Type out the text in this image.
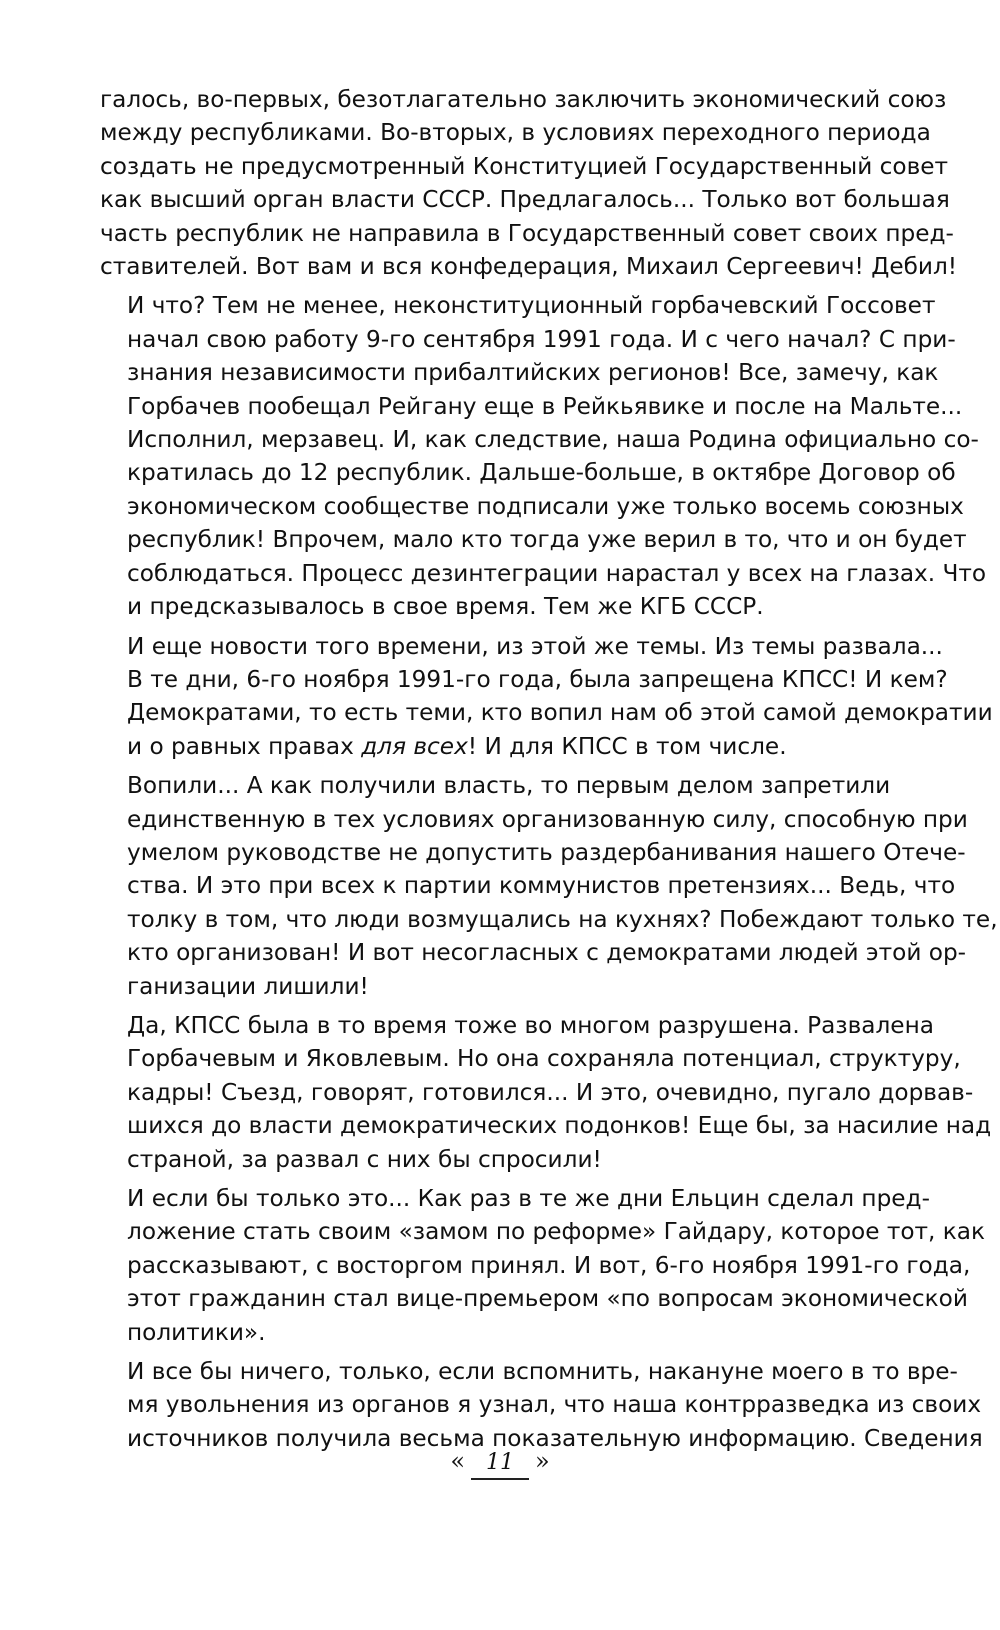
галось, во-первых, безотлагательно заключить экономический союз
между республиками. Во-вторых, в условиях переходного периода
создать не предусмотренный Конституцией Государственный совет
как высший орган власти СССР. Предлагалось... Только вот большая
часть республик не направила в Государственный совет своих пред-
ставителей. Вот вам и вся конфедерация, Михаил Сергеевич! Дебил!
И что? Тем не менее, неконституционный горбачевский Госсовет
начал свою работу 9-го сентября 1991 года. И с чего начал? С при-
знания независимости прибалтийских регионов! Все, замечу, как
Горбачев пообещал Рейгану еще в Рейкьявике и после на Мальте...
Исполнил, мерзавец. И, как следствие, наша Родина официально со-
кратилась до 12 республик. Дальше-больше, в октябре Договор об
экономическом сообществе подписали уже только восемь союзных
республик! Впрочем, мало кто тогда уже верил в то, что и он будет
соблюдаться. Процесс дезинтеграции нарастал у всех на глазах. Что
и предсказывалось в свое время. Тем же КГБ СССР.
И еще новости того времени, из этой же темы. Из темы развала...
В те дни, 6-го ноября 1991-го года, была запрещена КПСС! И кем?
Демократами, то есть теми, кто вопил нам об этой самой демократии
и о равных правах для всех! И для КПСС в том числе.
Вопили... А как получили власть, то первым делом запретили
единственную в тех условиях организованную силу, способную при
умелом руководстве не допустить раздербанивания нашего Отече-
ства. И это при всех к партии коммунистов претензиях... Ведь, что
толку в том, что люди возмущались на кухнях? Побеждают только те,
кто организован! И вот несогласных с демократами людей этой ор-
ганизации лишили!
Да, КПСС была в то время тоже во многом разрушена. Развалена
Горбачевым и Яковлевым. Но она сохраняла потенциал, структуру,
кадры! Съезд, говорят, готовился... И это, очевидно, пугало дорвав-
шихся до власти демократических подонков! Еще бы, за насилие над
страной, за развал с них бы спросили!
И если бы только это... Как раз в те же дни Ельцин сделал пред-
ложение стать своим «замом по реформе» Гайдару, которое тот, как
рассказывают, с восторгом принял. И вот, 6-го ноября 1991-го года,
этот гражданин стал вице-премьером «по вопросам экономической
политики».
И все бы ничего, только, если вспомнить, накануне моего в то вре-
мя увольнения из органов я узнал, что наша контрразведка из своих
источников получила весьма показательную информацию. Сведения
« 11 »
